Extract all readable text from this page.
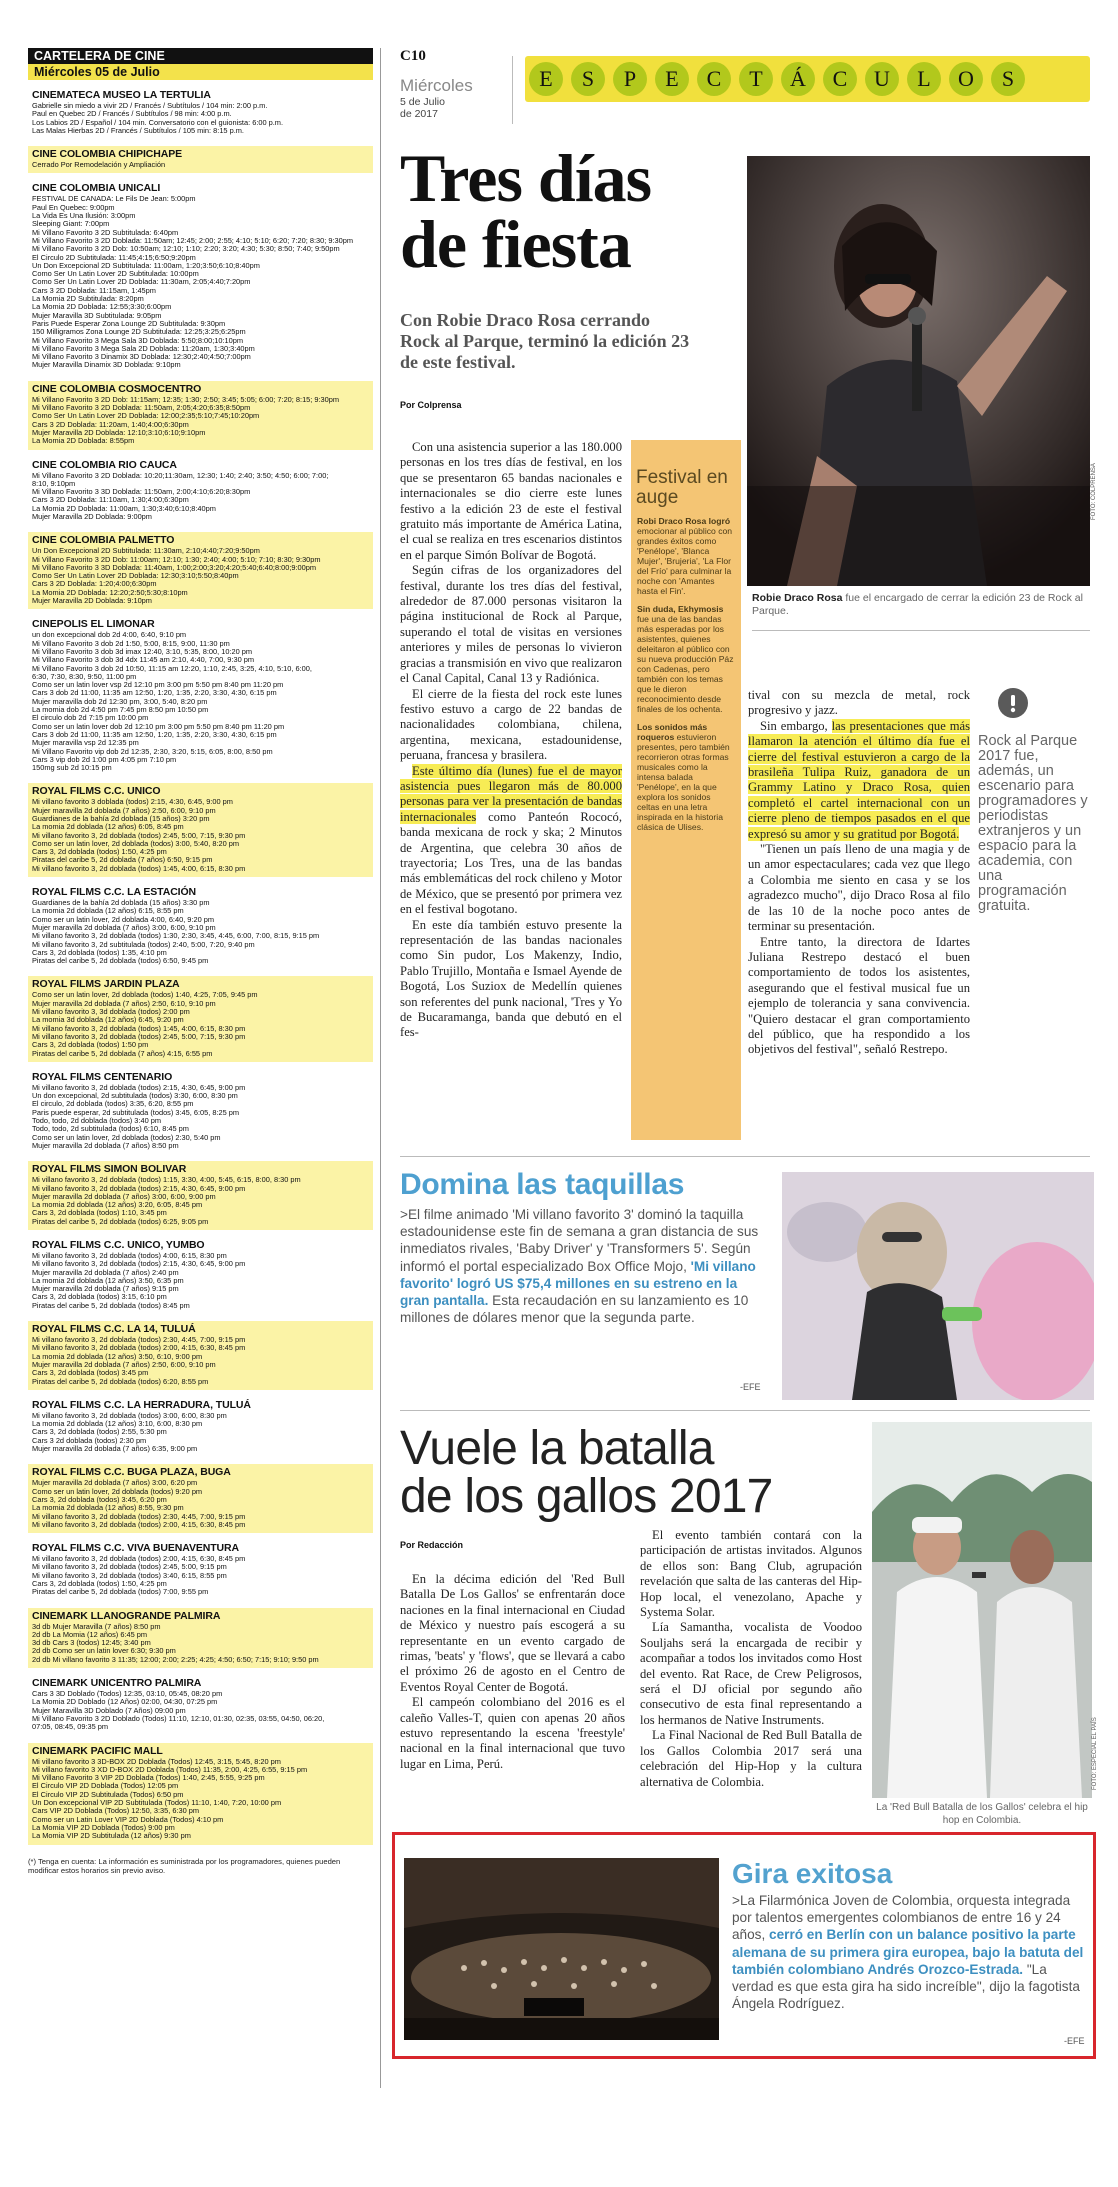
CARTELERA DE CINE
Miércoles 05 de Julio
CINEMATECA MUSEO LA TERTULIA
Gabrielle sin miedo a vivir 2D / Francés / Subtítulos / 104 min: 2:00 p.m.
Paul en Quebec 2D / Francés / Subtítulos / 98 min: 4:00 p.m.
Los Labios 2D / Español / 104 min. Conversatorio con el guionista: 6:00 p.m.
Las Malas Hierbas 2D / Francés / Subtítulos / 105 min: 8:15 p.m.
CINE COLOMBIA CHIPICHAPE
Cerrado Por Remodelación y Ampliación
CINE COLOMBIA UNICALI
FESTIVAL DE CANADA: Le Fils De Jean: 5:00pm
Paul En Quebec: 9:00pm
La Vida Es Una Ilusión: 3:00pm
Sleeping Giant: 7:00pm
Mi Villano Favorito 3 2D Subtitulada: 6:40pm
Mi Villano Favorito 3 2D Doblada: 11:50am; 12:45; 2:00; 2:55; 4:10; 5:10; 6:20; 7:20; 8:30; 9:30pm
Mi Villano Favorito 3 2D Dob: 10:50am; 12:10; 1:10; 2:20; 3:20; 4:30; 5:30; 8:50; 7:40; 9:50pm
El Circulo 2D Subtitulada: 11:45;4:15;6:50;9:20pm
Un Don Excepcional 2D Subtitulada: 11:00am, 1:20;3:50;6:10;8:40pm
Como Ser Un Latin Lover 2D Subtitulada: 10:00pm
Como Ser Un Latin Lover 2D Doblada: 11:30am, 2:05;4:40;7:20pm
Cars 3 2D Doblada: 11:15am, 1:45pm
La Momia 2D Subtitulada: 8:20pm
La Momia 2D Doblada: 12:55;3:30;6:00pm
Mujer Maravilla 3D Subtitulada: 9:05pm
Paris Puede Esperar Zona Lounge 2D Subtitulada: 9:30pm
150 Milligramos Zona Lounge 2D Subtitulada: 12:25;3:25;6:25pm
Mi Villano Favorito 3 Mega Sala 3D Doblada: 5:50;8:00;10:10pm
Mi Villano Favorito 3 Mega Sala 2D Doblada: 11:20am, 1:30;3:40pm
Mi Villano Favorito 3 Dinamix 3D Doblada: 12:30;2:40;4:50;7:00pm
Mujer Maravilla Dinamix 3D Doblada: 9:10pm
CINE COLOMBIA COSMOCENTRO
Mi Villano Favorito 3 2D Dob: 11:15am; 12:35; 1:30; 2:50; 3:45; 5:05; 6:00; 7:20; 8:15; 9:30pm
Mi Villano Favorito 3 2D Doblada: 11:50am, 2:05;4:20;6:35;8:50pm
Como Ser Un Latin Lover 2D Doblada: 12:00;2:35;5:10;7:45;10:20pm
Cars 3 2D Doblada: 11:20am, 1:40;4:00;6:30pm
Mujer Maravilla 2D Doblada: 12:10;3:10;6:10;9:10pm
La Momia 2D Doblada: 8:55pm
CINE COLOMBIA RIO CAUCA
Mi Villano Favorito 3 2D Doblada: 10:20;11:30am, 12:30; 1:40; 2:40; 3:50; 4:50; 6:00; 7:00;
8:10, 9:10pm
Mi Villano Favorito 3 3D Doblada: 11:50am, 2:00;4:10;6:20;8:30pm
Cars 3 2D Doblada: 11:10am, 1:30;4:00;6:30pm
La Momia 2D Doblada: 11:00am, 1:30;3:40;6:10;8:40pm
Mujer Maravilla 2D Doblada: 9:00pm
CINE COLOMBIA PALMETTO
Un Don Excepcional 2D Subtitulada: 11:30am, 2:10;4:40;7:20;9:50pm
Mi Villano Favorito 3 2D Dob: 11:00am; 12:10; 1:30; 2:40; 4:00; 5:10; 7:10; 8:30; 9:30pm
Mi Villano Favorito 3 3D Doblada: 11:40am, 1:00;2:00;3:20;4:20;5:40;6:40;8:00;9:00pm
Como Ser Un Latin Lover 2D Doblada: 12:30;3:10;5:50;8:40pm
Cars 3 2D Doblada: 1:20;4:00;6:30pm
La Momia 2D Doblada: 12:20;2:50;5:30;8:10pm
Mujer Maravilla 2D Doblada: 9:10pm
CINEPOLIS EL LIMONAR
un don excepcional dob 2d 4:00, 6:40, 9:10 pm
Mi Villano Favorito 3 dob 2d 1:50, 5:00, 8:15, 9:00, 11:30 pm
Mi Villano Favorito 3 dob 3d imax 12:40, 3:10, 5:35, 8:00, 10:20 pm
Mi Villano Favorito 3 dob 3d 4dx 11:45 am 2:10, 4:40, 7:00, 9:30 pm
Mi Villano Favorito 3 dob 2d 10:50, 11:15 am 12:20, 1:10, 2:45, 3:25, 4:10, 5:10, 6:00,
6:30, 7:30, 8:30, 9:50, 11:00 pm
Como ser un latin lover vsp 2d 12:10 pm 3:00 pm 5:50 pm 8:40 pm 11:20 pm
Cars 3 dob 2d 11:00, 11:35 am 12:50, 1:20, 1:35, 2:20, 3:30, 4:30, 6:15 pm
Mujer maravilla dob 2d 12:30 pm, 3:00, 5:40, 8:20 pm
La momia dob 2d 4:50 pm 7:45 pm 8:50 pm 10:50 pm
El circulo dob 2d 7:15 pm 10:00 pm
Como ser un latin lover dob 2d 12:10 pm 3:00 pm 5:50 pm 8:40 pm 11:20 pm
Cars 3 dob 2d 11:00, 11:35 am 12:50, 1:20, 1:35, 2:20, 3:30, 4:30, 6:15 pm
Mujer maravilla vsp 2d 12:35 pm
Mi Villano Favorito vip dob 2d 12:35, 2:30, 3:20, 5:15, 6:05, 8:00, 8:50 pm
Cars 3 vip dob 2d 1:00 pm 4:05 pm 7:10 pm
150mg sub 2d 10:15 pm
ROYAL FILMS C.C. UNICO
Mi villano favorito 3 doblada (todos) 2:15, 4:30, 6:45, 9:00 pm
Mujer maravilla 2d doblada (7 años) 2:50, 6:00, 9:10 pm
Guardianes de la bahía 2d doblada (15 años) 3:20 pm
La momia 2d doblada (12 años) 6:05, 8:45 pm
Mi villano favorito 3, 2d doblada (todos) 2:45, 5:00, 7:15, 9:30 pm
Como ser un latin lover, 2d doblada (todos) 3:00, 5:40, 8:20 pm
Cars 3, 2d doblada (todos) 1:50, 4:25 pm
Piratas del caribe 5, 2d doblada (7 años) 6:50, 9:15 pm
Mi villano favorito 3, 2d doblada (todos) 1:45, 4:00, 6:15, 8:30 pm
ROYAL FILMS C.C. LA ESTACIÓN
Guardianes de la bahía 2d doblada (15 años) 3:30 pm
La momia 2d doblada (12 años) 6:15, 8:55 pm
Como ser un latin lover, 2d doblada 4:00, 6:40, 9:20 pm
Mujer maravilla 2d doblada (7 años) 3:00, 6:00, 9:10 pm
Mi villano favorito 3, 2d doblada (todos) 1:30, 2:30, 3:45, 4:45, 6:00, 7:00, 8:15, 9:15 pm
Mi villano favorito 3, 2d subtitulada (todos) 2:40, 5:00, 7:20, 9:40 pm
Cars 3, 2d doblada (todos) 1:35, 4:10 pm
Piratas del caribe 5, 2d doblada (todos) 6:50, 9:45 pm
ROYAL FILMS JARDIN PLAZA
Como ser un latin lover, 2d doblada (todos) 1:40, 4:25, 7:05, 9:45 pm
Mujer maravilla 2d doblada (7 años) 2:50, 6:10, 9:10 pm
Mi villano favorito 3, 3d doblada (todos) 2:00 pm
La momia 3d doblada (12 años) 6:45, 9:20 pm
Mi villano favorito 3, 2d doblada (todos) 1:45, 4:00, 6:15, 8:30 pm
Mi villano favorito 3, 2d doblada (todos) 2:45, 5:00, 7:15, 9:30 pm
Cars 3, 2d doblada (todos) 1:50 pm
Piratas del caribe 5, 2d doblada (7 años) 4:15, 6:55 pm
ROYAL FILMS CENTENARIO
Mi villano favorito 3, 2d doblada (todos) 2:15, 4:30, 6:45, 9:00 pm
Un don excepcional, 2d subtitulada (todos) 3:30, 6:00, 8:30 pm
El circulo, 2d doblada (todos) 3:35, 6:20, 8:55 pm
Paris puede esperar, 2d subtitulada (todos) 3:45, 6:05, 8:25 pm
Todo, todo, 2d doblada (todos) 3:40 pm
Todo, todo, 2d subtitulada (todos) 6:10, 8:45 pm
Como ser un latin lover, 2d doblada (todos) 2:30, 5:40 pm
Mujer maravilla 2d doblada (7 años) 8:50 pm
ROYAL FILMS SIMON BOLIVAR
Mi villano favorito 3, 2d doblada (todos) 1:15, 3:30, 4:00, 5:45, 6:15, 8:00, 8:30 pm
Mi villano favorito 3, 2d doblada (todos) 2:15, 4:30, 6:45, 9:00 pm
Mujer maravilla 2d doblada (7 años) 3:00, 6:00, 9:00 pm
La momia 2d doblada (12 años) 3:20, 6:05, 8:45 pm
Cars 3, 2d doblada (todos) 1:10, 3:45 pm
Piratas del caribe 5, 2d doblada (todos) 6:25, 9:05 pm
ROYAL FILMS C.C. UNICO, YUMBO
Mi villano favorito 3, 2d doblada (todos) 4:00, 6:15, 8:30 pm
Mi villano favorito 3, 2d doblada (todos) 2:15, 4:30, 6:45, 9:00 pm
Mujer maravilla 2d doblada (7 años) 2:40 pm
La momia 2d doblada (12 años) 3:50, 6:35 pm
Mujer maravilla 2d doblada (7 años) 9:15 pm
Cars 3, 2d doblada (todos) 3:15, 6:10 pm
Piratas del caribe 5, 2d doblada (todos) 8:45 pm
ROYAL FILMS C.C. LA 14, TULUÁ
Mi villano favorito 3, 2d doblada (todos) 2:30, 4:45, 7:00, 9:15 pm
Mi villano favorito 3, 2d doblada (todos) 2:00, 4:15, 6:30, 8:45 pm
La momia 2d doblada (12 años) 3:50, 6:10, 9:00 pm
Mujer maravilla 2d doblada (7 años) 2:50, 6:00, 9:10 pm
Cars 3, 2d doblada (todos) 3:45 pm
Piratas del caribe 5, 2d doblada (todos) 6:20, 8:55 pm
ROYAL FILMS C.C. LA HERRADURA, TULUÁ
Mi villano favorito 3, 2d doblada (todos) 3:00, 6:00, 8:30 pm
La momia 2d doblada (12 años) 3:10, 6:00, 8:30 pm
Cars 3, 2d doblada (todos) 2:55, 5:30 pm
Cars 3 2d doblada (todos) 2:30 pm
Mujer maravilla 2d doblada (7 años) 6:35, 9:00 pm
ROYAL FILMS C.C. BUGA PLAZA, BUGA
Mujer maravilla 2d doblada (7 años) 3:00, 6:20 pm
Como ser un latin lover, 2d doblada (todos) 9:20 pm
Cars 3, 2d doblada (todos) 3:45, 6:20 pm
La momia 2d doblada (12 años) 8:55, 9:30 pm
Mi villano favorito 3, 2d doblada (todos) 2:30, 4:45, 7:00, 9:15 pm
Mi villano favorito 3, 2d doblada (todos) 2:00, 4:15, 6:30, 8:45 pm
ROYAL FILMS C.C. VIVA BUENAVENTURA
Mi villano favorito 3, 2d doblada (todos) 2:00, 4:15, 6:30, 8:45 pm
Mi villano favorito 3, 2d doblada (todos) 2:45, 5:00, 9:15 pm
Mi villano favorito 3, 2d doblada (todos) 3:40, 6:15, 8:55 pm
Cars 3, 2d doblada (todos) 1:50, 4:25 pm
Piratas del caribe 5, 2d doblada (todos) 7:00, 9:55 pm
CINEMARK LLANOGRANDE PALMIRA
3d db Mujer Maravilla (7 años) 8:50 pm
2d db La Momia (12 años) 6:45 pm
3d db Cars 3 (todos) 12:45; 3:40 pm
2d db Como ser un latin lover 6:30; 9:30 pm
2d db Mi villano favorito 3 11:35; 12:00; 2:00; 2:25; 4:25; 4:50; 6:50; 7:15; 9:10; 9:50 pm
CINEMARK UNICENTRO PALMIRA
Cars 3 3D Doblado (Todos) 12:35, 03:10, 05:45, 08:20 pm
La Momia 2D Doblado (12 Años) 02:00, 04:30, 07:25 pm
Mujer Maravilla 3D Doblado (7 Años) 09:00 pm
Mi Villano Favorito 3 2D Doblado (Todos) 11:10, 12:10, 01:30, 02:35, 03:55, 04:50, 06:20,
07:05, 08:45, 09:35 pm
CINEMARK PACIFIC MALL
Mi villano favorito 3 3D-BOX 2D Doblada (Todos) 12:45, 3:15, 5:45, 8:20 pm
Mi villano favorito 3 XD D-BOX 2D Doblada (Todos) 11:35, 2:00, 4:25, 6:55, 9:15 pm
Mi Villano Favorito 3 VIP 2D Doblada (Todos) 1:40, 2:45, 5:55, 9:25 pm
El Circulo VIP 2D Doblada (Todos) 12:05 pm
El Circulo VIP 2D Subtitulada (Todos) 6:50 pm
Un Don excepcional VIP 2D Subtitulada (Todos) 11:10, 1:40, 7:20, 10:00 pm
Cars VIP 2D Doblada (Todos) 12:50, 3:35, 6:30 pm
Como ser un Latin Lover VIP 2D Doblada (Todos) 4:10 pm
La Momia VIP 2D Doblada (Todos) 9:00 pm
La Momia VIP 2D Subtitulada (12 años) 9:30 pm
(*) Tenga en cuenta: La información es suministrada por los programadores, quienes pueden modificar estos horarios sin previo aviso.
C10
Miércoles
5 de Julio
de 2017
E S P E C T Á C U L O S
Tres días
de fiesta
Con Robie Draco Rosa cerrando Rock al Parque, terminó la edición 23 de este festival.
Por Colprensa

Con una asistencia superior a las 180.000 personas en los tres días de festival, en los que se presentaron 65 bandas nacionales e internacionales se dio cierre este lunes festivo a la edición 23 de este el festival gratuito más importante de América Latina, el cual se realiza en tres escenarios distintos en el parque Simón Bolívar de Bogotá.

Según cifras de los organizadores del festival, durante los tres días del festival, alrededor de 87.000 personas visitaron la página institucional de Rock al Parque, superando el total de visitas en versiones anteriores y miles de personas lo vivieron gracias a transmisión en vivo que realizaron el Canal Capital, Canal 13 y Radiónica.

El cierre de la fiesta del rock este lunes festivo estuvo a cargo de 22 bandas de nacionalidades colombiana, chilena, argentina, mexicana, estadounidense, peruana, francesa y brasilera.

Este último día (lunes) fue el de mayor asistencia pues llegaron más de 80.000 personas para ver la presentación de bandas internacionales como Panteón Rococó, banda mexicana de rock y ska; 2 Minutos de Argentina, que celebra 30 años de trayectoria; Los Tres, una de las bandas más emblemáticas del rock chileno y Motor de México, que se presentó por primera vez en el festival bogotano.

En este día también estuvo presente la representación de las bandas nacionales como Sin pudor, Los Makenzy, Indio, Pablo Trujillo, Montaña e Ismael Ayende de Bogotá, Los Suziox de Medellín quienes son referentes del punk nacional, 'Tres y Yo de Bucaramanga, banda que debutó en el fes-

Festival en auge

Robi Draco Rosa logró emocionar al público con grandes éxitos como 'Penélope', 'Blanca Mujer', 'Brujeria', 'La Flor del Frío' para culminar la noche con 'Amantes hasta el Fin'.

Sin duda, Ekhymosis fue una de las bandas más esperadas por los asistentes, quienes deleitaron al público con su nueva producción Páz con Cadenas, pero también con los temas que le dieron reconocimiento desde finales de los ochenta.

Los sonidos más roqueros estuvieron presentes, pero también recorrieron otras formas musicales como la intensa balada 'Penélope', en la que explora los sonidos celtas en una letra inspirada en la historia clásica de Ulises.

FOTO: COLPRENSA
Robie Draco Rosa fue el encargado de cerrar la edición 23 de Rock al Parque.

tival con su mezcla de metal, rock progresivo y jazz.

Sin embargo, las presentaciones que más llamaron la atención el último día fue el cierre del festival estuvieron a cargo de la brasileña Tulipa Ruiz, ganadora de un Grammy Latino y Draco Rosa, quien completó el cartel internacional con un cierre pleno de tiempos pasados en el que expresó su amor y su gratitud por Bogotá.

"Tienen un país lleno de una magia y de un amor espectaculares; cada vez que llego a Colombia me siento en casa y se los agradezco mucho", dijo Draco Rosa al filo de las 10 de la noche poco antes de terminar su presentación.

Entre tanto, la directora de Idartes Juliana Restrepo destacó el buen comportamiento de todos los asistentes, asegurando que el festival musical fue un ejemplo de tolerancia y sana convivencia. "Quiero destacar el gran comportamiento del público, que ha respondido a los objetivos del festival", señaló Restrepo.

Rock al Parque 2017 fue, además, un escenario para programadores y periodistas extranjeros y un espacio para la academia, con una programación gratuita.
Domina las taquillas
>El filme animado 'Mi villano favorito 3' dominó la taquilla estadounidense este fin de semana a gran distancia de sus inmediatos rivales, 'Baby Driver' y 'Transformers 5'. Según informó el portal especializado Box Office Mojo, 'Mi villano favorito' logró US $75,4 millones en su estreno en la gran pantalla. Esta recaudación en su lanzamiento es 10 millones de dólares menor que la segunda parte.
-EFE
Vuele la batalla
de los gallos 2017
Por Redacción

En la décima edición del 'Red Bull Batalla De Los Gallos' se enfrentarán doce naciones en la final internacional en Ciudad de México y nuestro país escogerá a su representante en un evento cargado de rimas, 'beats' y 'flows', que se llevará a cabo el próximo 26 de agosto en el Centro de Eventos Royal Center de Bogotá.

El campeón colombiano del 2016 es el caleño Valles-T, quien con apenas 20 años estuvo representando la escena 'freestyle' nacional en la final internacional que tuvo lugar en Lima, Perú.

El evento también contará con la participación de artistas invitados. Algunos de ellos son: Bang Club, agrupación revelación que salta de las canteras del Hip-Hop local, el venezolano, Apache y Systema Solar.

Lía Samantha, vocalista de Voodoo Souljahs será la encargada de recibir y acompañar a todos los invitados como Host del evento. Rat Race, de Crew Peligrosos, será el DJ oficial por segundo año consecutivo de esta final representando a los hermanos de Native Instruments.

La Final Nacional de Red Bull Batalla de los Gallos Colombia 2017 será una celebración del Hip-Hop y la cultura alternativa de Colombia.	FOTO: ESPECIAL EL PAÍS
La 'Red Bull Batalla de los Gallos' celebra el hip hop en Colombia.
Gira exitosa
>La Filarmónica Joven de Colombia, orquesta integrada por talentos emergentes colombianos de entre 16 y 24 años, cerró en Berlín con un balance positivo la parte alemana de su primera gira europea, bajo la batuta del también colombiano Andrés Orozco-Estrada. "La verdad es que esta gira ha sido increíble", dijo la fagotista Ángela Rodríguez.
-EFE
